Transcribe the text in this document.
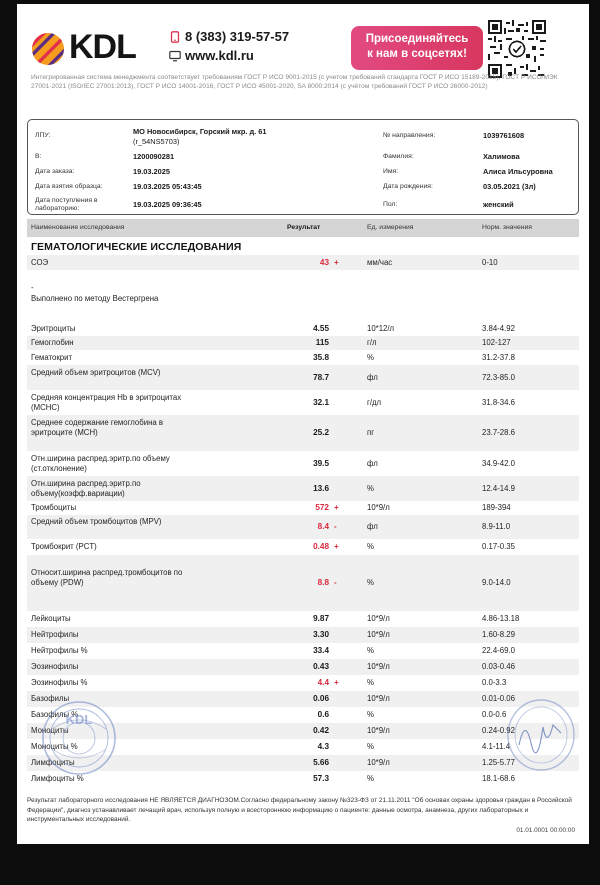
KDL	8 (383) 319-57-57
www.kdl.ru
Присоединяйтесь
к нам в соцсетях!
Интегрированная система менеджмента соответствует требованиям ГОСТ Р ИСО 9001-2015 (с учетом требований стандарта ГОСТ Р ИСО 15189-2015), ГОСТ Р ИСО/МЭК 27001-2021 (ISO/IEC 27001:2013), ГОСТ Р ИСО 14001-2016, ГОСТ Р ИСО 45001-2020, SA 8000:2014 (с учётом требований ГОСТ Р ИСО 26000-2012)
ЛПУ:	МО Новосибирск, Горский мкр. д. 61
(r_54NS5703)
В:	1200090281
Дата заказа:	19.03.2025
Дата взятия образца:	19.03.2025 05:43:45
Дата поступления в
лабораторию:	19.03.2025 09:36:45
№ направления:	1039761608
Фамилия:	Халимова
Имя:	Алиса Ильсуровна
Дата рождения:	03.05.2021 (3л)
Пол:	женский
Наименование исследования	Результат	Ед. измерения	Норм. значения
ГЕМАТОЛОГИЧЕСКИЕ ИССЛЕДОВАНИЯ
-
Выполнено по методу Вестергрена
СОЭ	43 +	мм/час	0-10
Эритроциты	4.55	10*12/л	3.84-4.92
Гемоглобин	115	г/л	102-127
Гематокрит	35.8	%	31.2-37.8
Средний объем эритроцитов (MCV)
78.7	фл	72.3-85.0
Средняя концентрация Hb в эритроцитах (MCHC)
32.1	г/дл	31.8-34.6
Среднее содержание гемоглобина в эритроците (MCH)	25.2	пг	23.7-28.6
Отн.ширина распред.эритр.по объему (ст.отклонение)
39.5	фл	34.9-42.0
Отн.ширина распред.эритр.по объему(коэфф.вариации)
13.6	%	12.4-14.9
Тромбоциты	572 +	10*9/л	189-394
Средний объем тромбоцитов (MPV)
8.4 -	фл	8.9-11.0
Тромбокрит (PCT)	0.48 +	%	0.17-0.35
Относит.ширина распред.тромбоцитов по объему (PDW)	8.8 -	%	9.0-14.0
Лейкоциты	9.87	10*9/л	4.86-13.18
Нейтрофилы	3.30	10*9/л	1.60-8.29
Нейтрофилы %	33.4	%	22.4-69.0
Эозинофилы	0.43	10*9/л	0.03-0.46
Эозинофилы %	4.4 +	%	0.0-3.3
Базофилы	0.06	10*9/л	0.01-0.06
Базофилы %	0.6	%	0.0-0.6
Моноциты	0.42	10*9/л	0.24-0.92
Моноциты %	4.3	%	4.1-11.4
Лимфоциты	5.66	10*9/л	1.25-5.77
Лимфоциты %	57.3	%	18.1-68.6
KDL
Результат лабораторного исследования НЕ ЯВЛЯЕТСЯ ДИАГНОЗОМ.Согласно федеральному закону №323-ФЗ от 21.11.2011 "Об основах охраны здоровья граждан в Российской Федерации", диагноз устанавливает лечащий врач, используя полную и всестороннюю информацию о пациенте: данные осмотра, анамнеза, других лабораторных и инструментальных исследований.
01.01.0001 00:00:00
